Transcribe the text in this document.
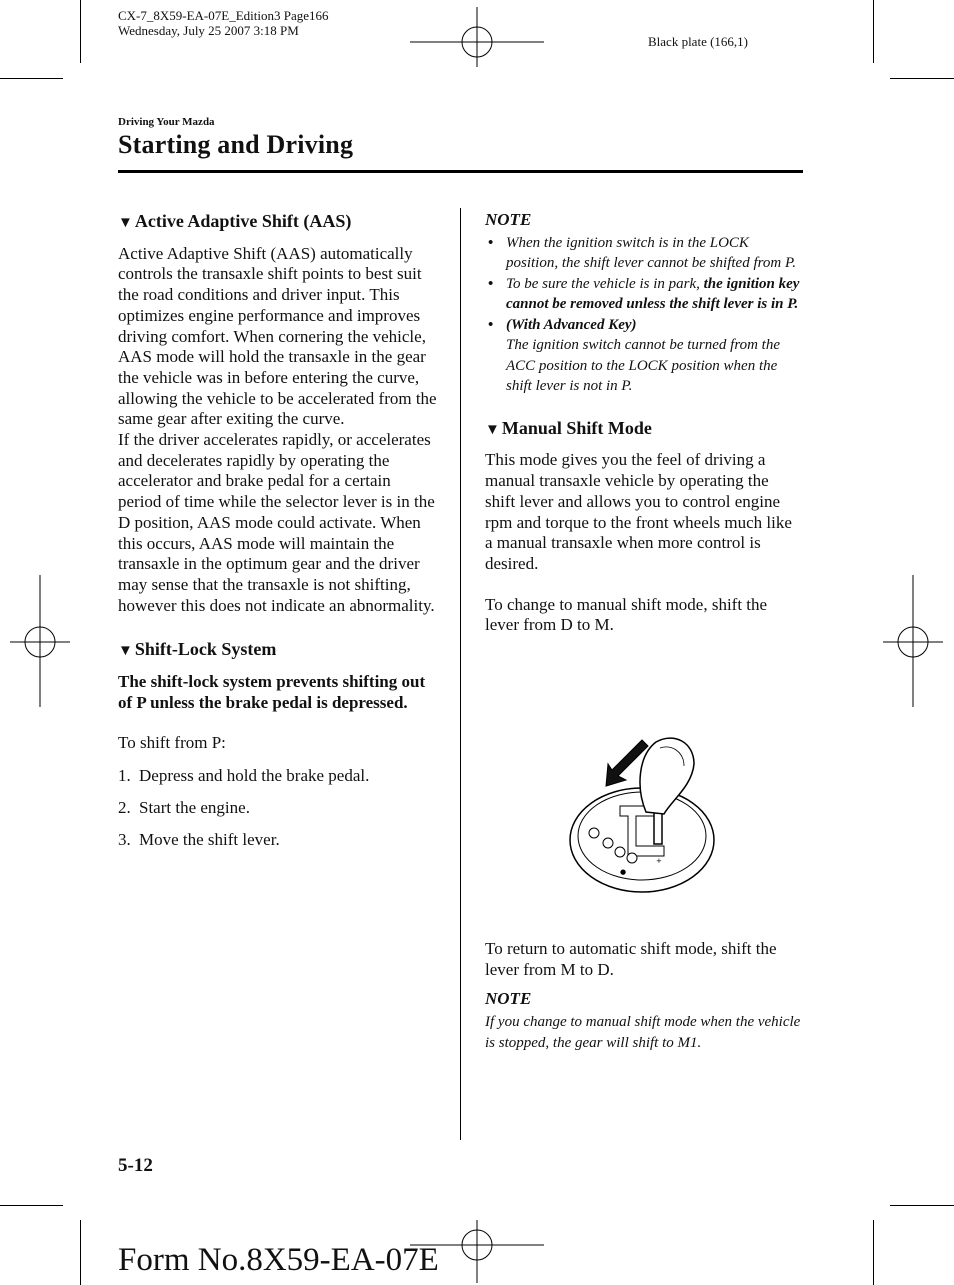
CX-7_8X59-EA-07E_Edition3 Page166
Wednesday, July 25 2007 3:18 PM
Black plate (166,1)
Driving Your Mazda
Starting and Driving
▼ Active Adaptive Shift (AAS)

Active Adaptive Shift (AAS) automatically controls the transaxle shift points to best suit the road conditions and driver input. This optimizes engine performance and improves driving comfort. When cornering the vehicle, AAS mode will hold the transaxle in the gear the vehicle was in before entering the curve, allowing the vehicle to be accelerated from the same gear after exiting the curve.

If the driver accelerates rapidly, or accelerates and decelerates rapidly by operating the accelerator and brake pedal for a certain period of time while the selector lever is in the D position, AAS mode could activate. When this occurs, AAS mode will maintain the transaxle in the optimum gear and the driver may sense that the transaxle is not shifting, however this does not indicate an abnormality.

▼ Shift-Lock System

The shift-lock system prevents shifting out of P unless the brake pedal is depressed.

To shift from P:

1. Depress and hold the brake pedal.
2. Start the engine.
3. Move the shift lever.
NOTE
• When the ignition switch is in the LOCK position, the shift lever cannot be shifted from P.
• To be sure the vehicle is in park, the ignition key cannot be removed unless the shift lever is in P.
• (With Advanced Key)
The ignition switch cannot be turned from the ACC position to the LOCK position when the shift lever is not in P.
▼ Manual Shift Mode

This mode gives you the feel of driving a manual transaxle vehicle by operating the shift lever and allows you to control engine rpm and torque to the front wheels much like a manual transaxle when more control is desired.

To change to manual shift mode, shift the lever from D to M.

+
●

To return to automatic shift mode, shift the lever from M to D.

NOTE
If you change to manual shift mode when the vehicle is stopped, the gear will shift to M1.
5-12
Form No.8X59-EA-07E
